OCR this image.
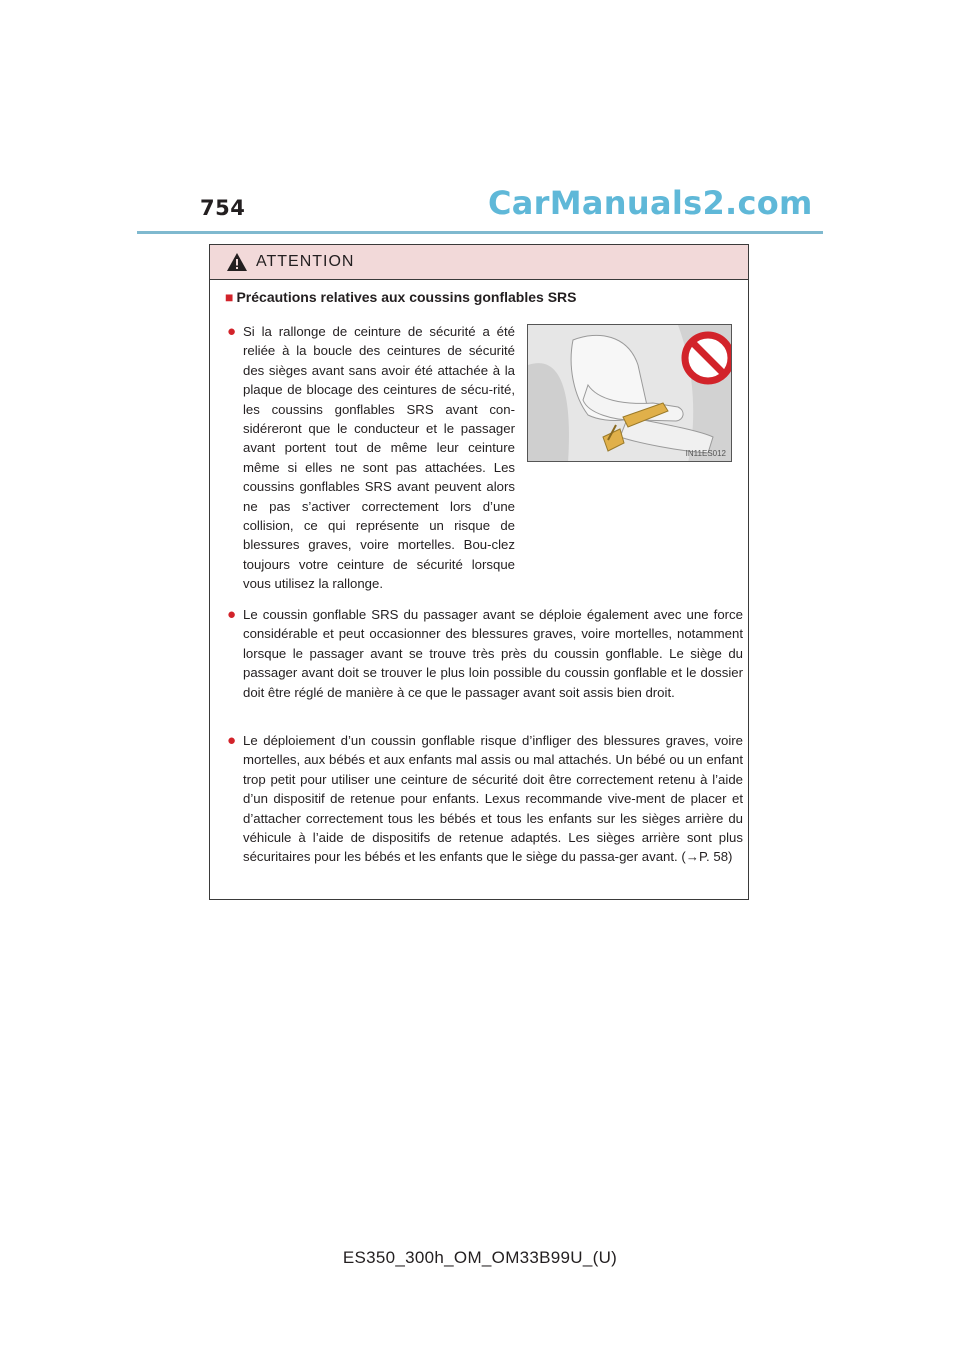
754	CarManuals2.com
ATTENTION
■ Précautions relatives aux coussins gonflables SRS
● Si la rallonge de ceinture de sécurité a été reliée à la boucle des ceintures de sécurité des sièges avant sans avoir été attachée à la plaque de blocage des ceintures de sécu-rité, les coussins gonflables SRS avant con-sidéreront que le conducteur et le passager avant portent tout de même leur ceinture même si elles ne sont pas attachées. Les coussins gonflables SRS avant peuvent alors ne pas s’activer correctement lors d’une collision, ce qui représente un risque de blessures graves, voire mortelles. Bou-clez toujours votre ceinture de sécurité lorsque vous utilisez la rallonge.
IN11ES012
● Le coussin gonflable SRS du passager avant se déploie également avec une force considérable et peut occasionner des blessures graves, voire mortelles, notamment lorsque le passager avant se trouve très près du coussin gonflable. Le siège du passager avant doit se trouver le plus loin possible du coussin gonflable et le dossier doit être réglé de manière à ce que le passager avant soit assis bien droit.
● Le déploiement d’un coussin gonflable risque d’infliger des blessures graves, voire mortelles, aux bébés et aux enfants mal assis ou mal attachés. Un bébé ou un enfant trop petit pour utiliser une ceinture de sécurité doit être correctement retenu à l’aide d’un dispositif de retenue pour enfants. Lexus recommande vive-ment de placer et d’attacher correctement tous les bébés et tous les enfants sur les sièges arrière du véhicule à l’aide de dispositifs de retenue adaptés. Les sièges arrière sont plus sécuritaires pour les bébés et les enfants que le siège du passa-ger avant. (→P. 58)
ES350_300h_OM_OM33B99U_(U)
